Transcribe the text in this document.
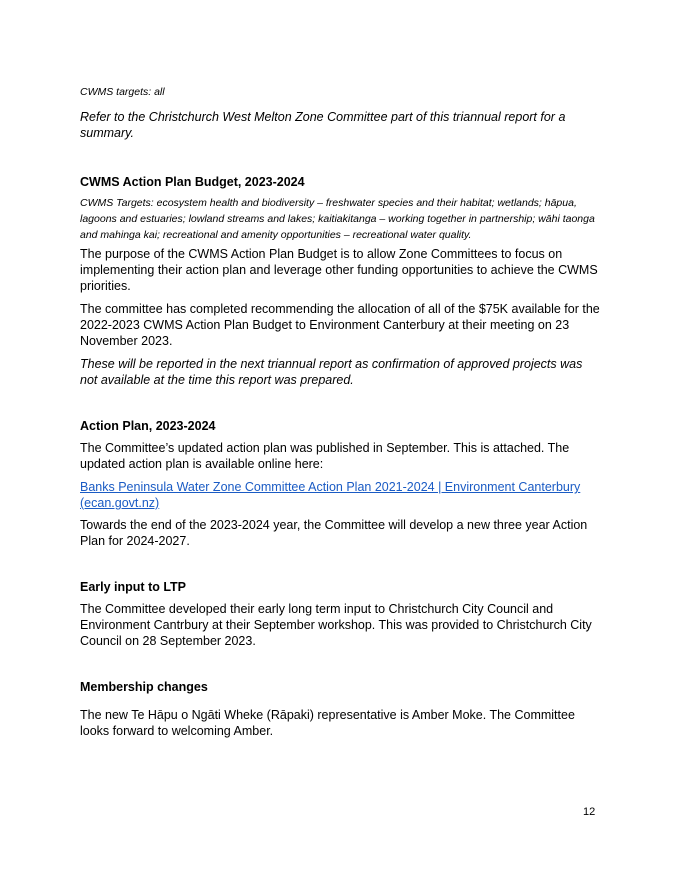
CWMS targets: all

Refer to the Christchurch West Melton Zone Committee part of this triannual report for a summary.

CWMS Action Plan Budget, 2023-2024

CWMS Targets: ecosystem health and biodiversity – freshwater species and their habitat; wetlands; hāpua, lagoons and estuaries; lowland streams and lakes; kaitiakitanga – working together in partnership; wāhi taonga and mahinga kai; recreational and amenity opportunities – recreational water quality.

The purpose of the CWMS Action Plan Budget is to allow Zone Committees to focus on implementing their action plan and leverage other funding opportunities to achieve the CWMS priorities.

The committee has completed recommending the allocation of all of the $75K available for the 2022-2023 CWMS Action Plan Budget to Environment Canterbury at their meeting on 23 November 2023.

These will be reported in the next triannual report as confirmation of approved projects was not available at the time this report was prepared.

Action Plan, 2023-2024

The Committee’s updated action plan was published in September. This is attached. The updated action plan is available online here:

Banks Peninsula Water Zone Committee Action Plan 2021-2024 | Environment Canterbury (ecan.govt.nz)

Towards the end of the 2023-2024 year, the Committee will develop a new three year Action Plan for 2024-2027.

Early input to LTP

The Committee developed their early long term input to Christchurch City Council and Environment Cantrbury at their September workshop. This was provided to Christchurch City Council on 28 September 2023.

Membership changes

The new Te Hāpu o Ngāti Wheke (Rāpaki) representative is Amber Moke. The Committee looks forward to welcoming Amber.

12
